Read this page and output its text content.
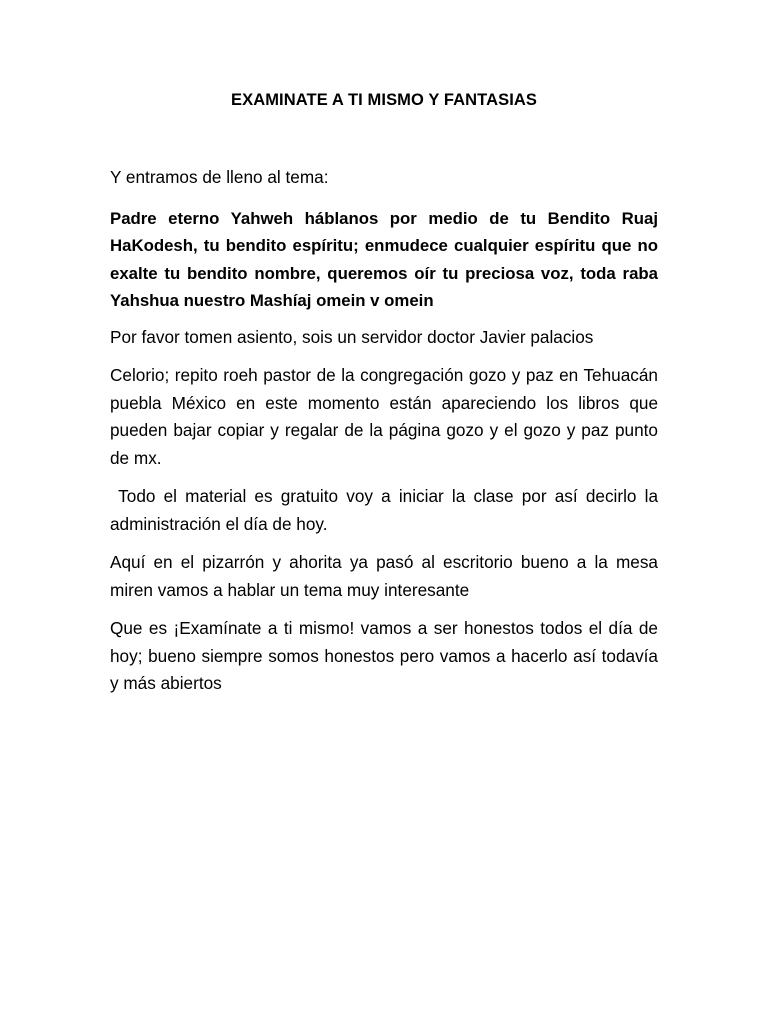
EXAMINATE A TI MISMO Y FANTASIAS

Y entramos de lleno al tema:

Padre eterno Yahweh háblanos por medio de tu Bendito Ruaj HaKodesh, tu bendito espíritu; enmudece cualquier espíritu que no exalte tu bendito nombre, queremos oír tu preciosa voz, toda raba Yahshua nuestro Mashíaj omein v omein

Por favor tomen asiento, sois un servidor doctor Javier palacios

Celorio; repito roeh pastor de la congregación gozo y paz en Tehuacán puebla México en este momento están apareciendo los libros que pueden bajar copiar y regalar de la página gozo y el gozo y paz punto de mx.

Todo el material es gratuito voy a iniciar la clase por así decirlo la administración el día de hoy.

Aquí en el pizarrón y ahorita ya pasó al escritorio bueno a la mesa miren vamos a hablar un tema muy interesante

Que es ¡Examínate a ti mismo! vamos a ser honestos todos el día de hoy; bueno siempre somos honestos pero vamos a hacerlo así todavía y más abiertos
